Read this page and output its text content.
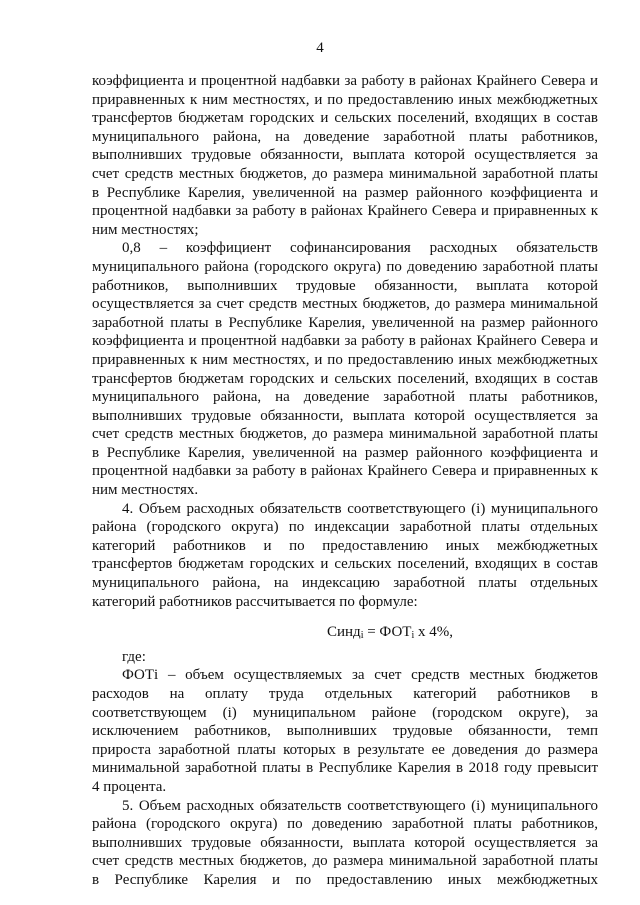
4
коэффициента и процентной надбавки за работу в районах Крайнего Севера и
приравненных к ним местностях, и по предоставлению иных межбюджетных
трансфертов бюджетам городских и сельских поселений, входящих в состав
муниципального района, на доведение заработной платы работников,
выполнивших трудовые обязанности, выплата которой осуществляется за
счет средств местных бюджетов, до размера минимальной заработной платы
в Республике Карелия, увеличенной на размер районного коэффициента и
процентной надбавки за работу в районах Крайнего Севера и приравненных к
ним местностях;
0,8 – коэффициент софинансирования расходных обязательств
муниципального района (городского округа) по доведению заработной платы
работников, выполнивших трудовые обязанности, выплата которой
осуществляется за счет средств местных бюджетов, до размера минимальной
заработной платы в Республике Карелия, увеличенной на размер районного
коэффициента и процентной надбавки за работу в районах Крайнего Севера и
приравненных к ним местностях, и по предоставлению иных межбюджетных
трансфертов бюджетам городских и сельских поселений, входящих в состав
муниципального района, на доведение заработной платы работников,
выполнивших трудовые обязанности, выплата которой осуществляется за
счет средств местных бюджетов, до размера минимальной заработной платы
в Республике Карелия, увеличенной на размер районного коэффициента и
процентной надбавки за работу в районах Крайнего Севера и приравненных к
ним местностях.
4. Объем расходных обязательств соответствующего (i) муниципального
района (городского округа) по индексации заработной платы отдельных
категорий работников и по предоставлению иных межбюджетных
трансфертов бюджетам городских и сельских поселений, входящих в состав
муниципального района, на индексацию заработной платы отдельных
категорий работников рассчитывается по формуле:
Синд$_i$ = $ФОТ_i$ х 4%,
где:
ФОТi – объем осуществляемых за счет средств местных бюджетов
расходов на оплату труда отдельных категорий работников в
соответствующем (i) муниципальном районе (городском округе), за
исключением работников, выполнивших трудовые обязанности, темп
прироста заработной платы которых в результате ее доведения до размера
минимальной заработной платы в Республике Карелия в 2018 году превысит
4 процента.
5. Объем расходных обязательств соответствующего (i) муниципального
района (городского округа) по доведению заработной платы работников,
выполнивших трудовые обязанности, выплата которой осуществляется за
счет средств местных бюджетов, до размера минимальной заработной платы
в Республике Карелия и по предоставлению иных межбюджетных
